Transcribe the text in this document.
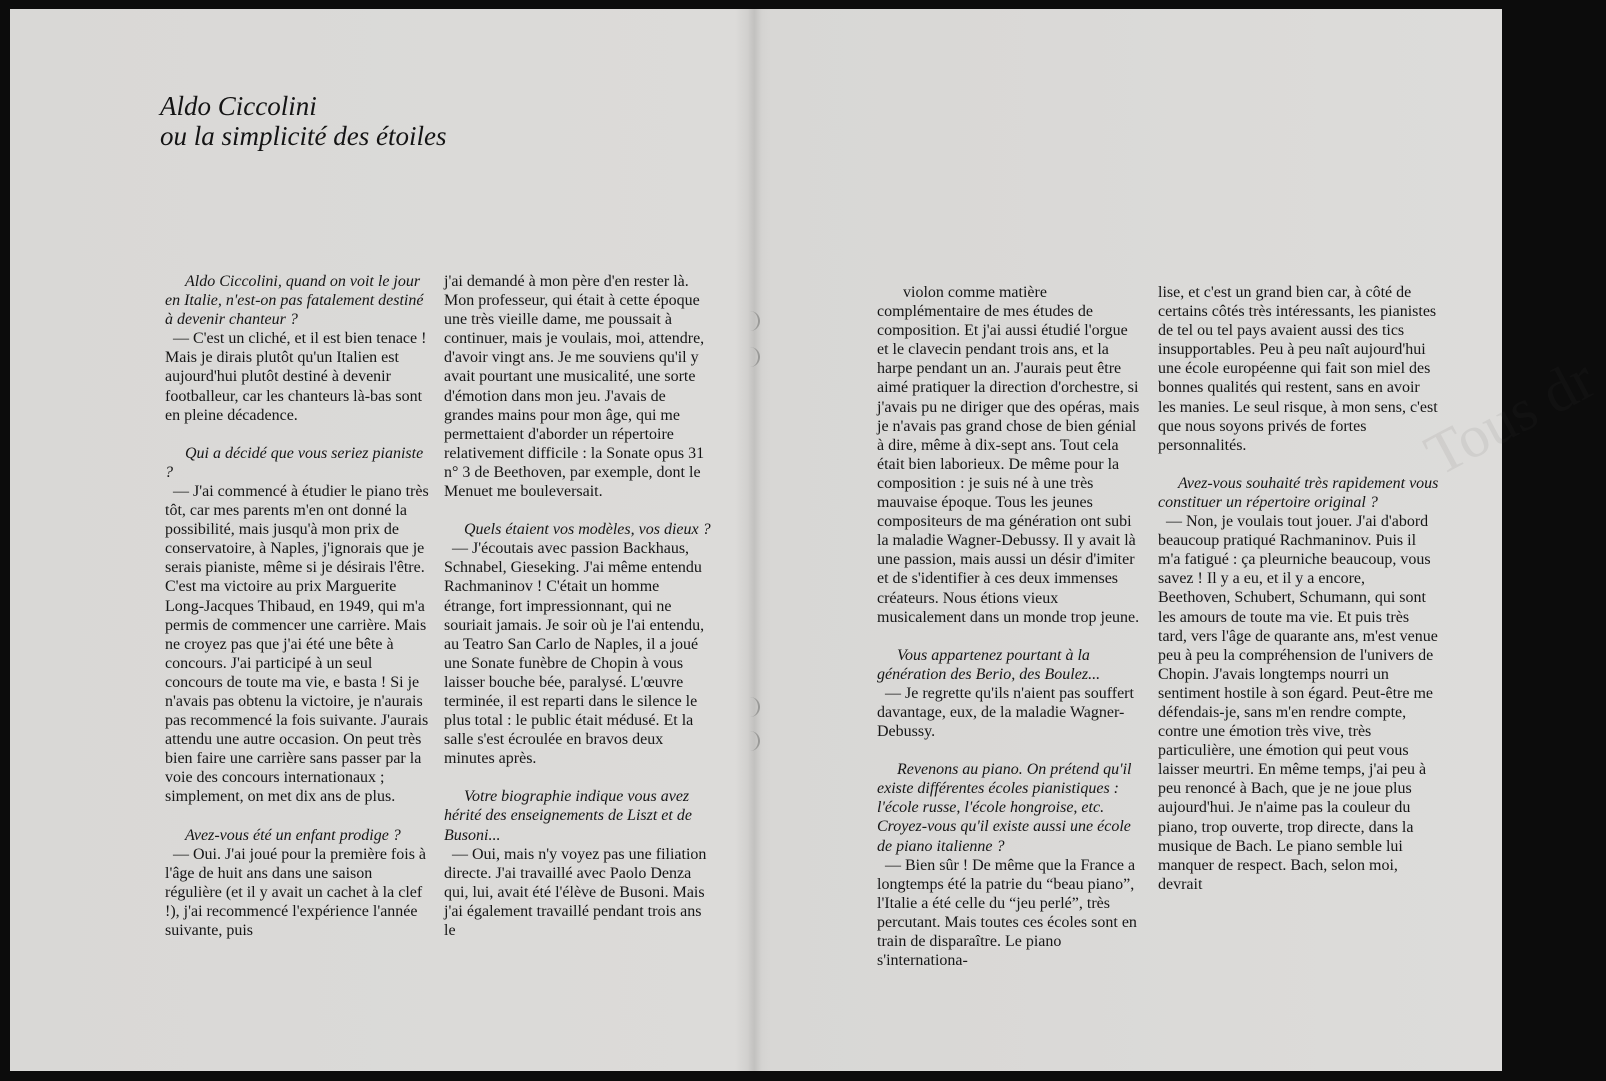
Aldo Ciccolini
ou la simplicité des étoiles

Aldo Ciccolini, quand on voit le jour en Italie, n'est-on pas fatalement destiné à devenir chanteur ?

— C'est un cliché, et il est bien tenace ! Mais je dirais plutôt qu'un Italien est aujourd'hui plutôt destiné à devenir footballeur, car les chanteurs là-bas sont en pleine décadence.

Qui a décidé que vous seriez pianiste ?

— J'ai commencé à étudier le piano très tôt, car mes parents m'en ont donné la possibilité, mais jusqu'à mon prix de conservatoire, à Naples, j'ignorais que je serais pianiste, même si je désirais l'être. C'est ma victoire au prix Marguerite Long-Jacques Thibaud, en 1949, qui m'a permis de commencer une carrière. Mais ne croyez pas que j'ai été une bête à concours. J'ai participé à un seul concours de toute ma vie, e basta ! Si je n'avais pas obtenu la victoire, je n'aurais pas recommencé la fois suivante. J'aurais attendu une autre occasion. On peut très bien faire une carrière sans passer par la voie des concours internationaux ; simplement, on met dix ans de plus.

Avez-vous été un enfant prodige ?

— Oui. J'ai joué pour la première fois à l'âge de huit ans dans une saison régulière (et il y avait un cachet à la clef !), j'ai recommencé l'expérience l'année suivante, puis

j'ai demandé à mon père d'en rester là. Mon professeur, qui était à cette époque une très vieille dame, me poussait à continuer, mais je voulais, moi, attendre, d'avoir vingt ans. Je me souviens qu'il y avait pourtant une musicalité, une sorte d'émotion dans mon jeu. J'avais de grandes mains pour mon âge, qui me permettaient d'aborder un répertoire relativement difficile : la Sonate opus 31 n° 3 de Beethoven, par exemple, dont le Menuet me bouleversait.

Quels étaient vos modèles, vos dieux ?

— J'écoutais avec passion Backhaus, Schnabel, Gieseking. J'ai même entendu Rachmaninov ! C'était un homme étrange, fort impressionnant, qui ne souriait jamais. Je soir où je l'ai entendu, au Teatro San Carlo de Naples, il a joué une Sonate funèbre de Chopin à vous laisser bouche bée, paralysé. L'œuvre terminée, il est reparti dans le silence le plus total : le public était médusé. Et la salle s'est écroulée en bravos deux minutes après.

Votre biographie indique vous avez hérité des enseignements de Liszt et de Busoni...

— Oui, mais n'y voyez pas une filiation directe. J'ai travaillé avec Paolo Denza qui, lui, avait été l'élève de Busoni. Mais j'ai également travaillé pendant trois ans le

Tous dr

violon comme matière complémentaire de mes études de composition. Et j'ai aussi étudié l'orgue et le clavecin pendant trois ans, et la harpe pendant un an. J'aurais peut être aimé pratiquer la direction d'orchestre, si j'avais pu ne diriger que des opéras, mais je n'avais pas grand chose de bien génial à dire, même à dix-sept ans. Tout cela était bien laborieux. De même pour la composition : je suis né à une très mauvaise époque. Tous les jeunes compositeurs de ma génération ont subi la maladie Wagner-Debussy. Il y avait là une passion, mais aussi un désir d'imiter et de s'identifier à ces deux immenses créateurs. Nous étions vieux musicalement dans un monde trop jeune.

Vous appartenez pourtant à la génération des Berio, des Boulez...

— Je regrette qu'ils n'aient pas souffert davantage, eux, de la maladie Wagner-Debussy.

Revenons au piano. On prétend qu'il existe différentes écoles pianistiques : l'école russe, l'école hongroise, etc. Croyez-vous qu'il existe aussi une école de piano italienne ?

— Bien sûr ! De même que la France a longtemps été la patrie du “beau piano”, l'Italie a été celle du “jeu perlé”, très percutant. Mais toutes ces écoles sont en train de disparaître. Le piano s'internationa-

lise, et c'est un grand bien car, à côté de certains côtés très intéressants, les pianistes de tel ou tel pays avaient aussi des tics insupportables. Peu à peu naît aujourd'hui une école européenne qui fait son miel des bonnes qualités qui restent, sans en avoir les manies. Le seul risque, à mon sens, c'est que nous soyons privés de fortes personnalités.

Avez-vous souhaité très rapidement vous constituer un répertoire original ?

— Non, je voulais tout jouer. J'ai d'abord beaucoup pratiqué Rachmaninov. Puis il m'a fatigué : ça pleurniche beaucoup, vous savez ! Il y a eu, et il y a encore, Beethoven, Schubert, Schumann, qui sont les amours de toute ma vie. Et puis très tard, vers l'âge de quarante ans, m'est venue peu à peu la compréhension de l'univers de Chopin. J'avais longtemps nourri un sentiment hostile à son égard. Peut-être me défendais-je, sans m'en rendre compte, contre une émotion très vive, très particulière, une émotion qui peut vous laisser meurtri. En même temps, j'ai peu à peu renoncé à Bach, que je ne joue plus aujourd'hui. Je n'aime pas la couleur du piano, trop ouverte, trop directe, dans la musique de Bach. Le piano semble lui manquer de respect. Bach, selon moi, devrait
